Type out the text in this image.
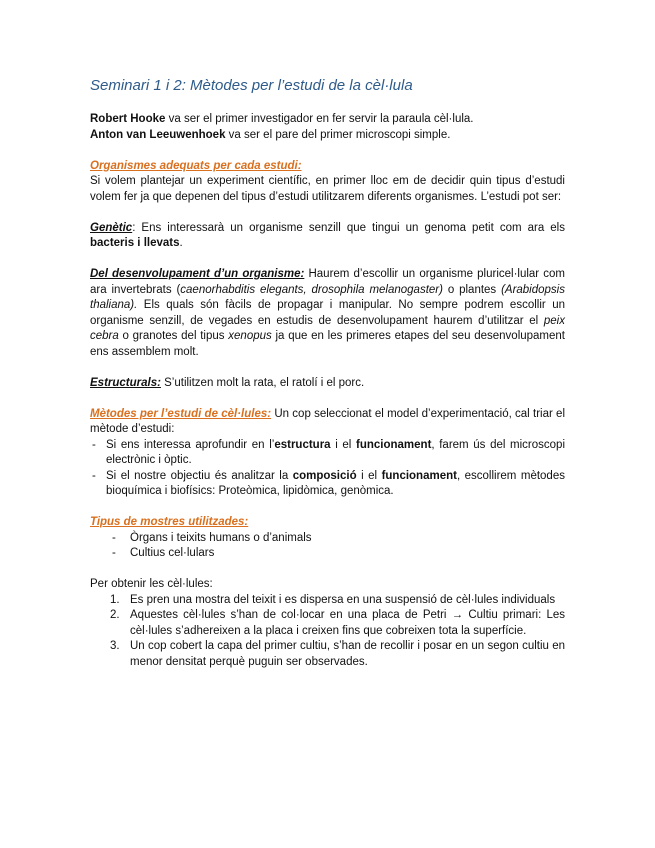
Seminari 1 i 2: Mètodes per l’estudi de la cèl·lula

Robert Hooke va ser el primer investigador en fer servir la paraula cèl·lula.

Anton van Leeuwenhoek va ser el pare del primer microscopi simple.

Organismes adequats per cada estudi:

Si volem plantejar un experiment científic, en primer lloc em de decidir quin tipus d’estudi volem fer ja que depenen del tipus d’estudi utilitzarem diferents organismes. L’estudi pot ser:

Genètic: Ens interessarà un organisme senzill que tingui un genoma petit com ara els bacteris i llevats.

Del desenvolupament d’un organisme: Haurem d’escollir un organisme pluricel·lular com ara invertebrats (caenorhabditis elegants, drosophila melanogaster) o plantes (Arabidopsis thaliana). Els quals són fàcils de propagar i manipular. No sempre podrem escollir un organisme senzill, de vegades en estudis de desenvolupament haurem d’utilitzar el peix cebra o granotes del tipus xenopus ja que en les primeres etapes del seu desenvolupament ens assemblem molt.

Estructurals: S’utilitzen molt la rata, el ratolí i el porc.

Mètodes per l’estudi de cèl·lules: Un cop seleccionat el model d’experimentació, cal triar el mètode d’estudi:

- Si ens interessa aprofundir en l’estructura i el funcionament, farem ús del microscopi electrònic i òptic.
- Si el nostre objectiu és analitzar la composició i el funcionament, escollirem mètodes bioquímica i biofísics: Proteòmica, lipidòmica, genòmica.

Tipus de mostres utilitzades:

- Òrgans i teixits humans o d’animals
- Cultius cel·lulars

Per obtenir les cèl·lules:

1. Es pren una mostra del teixit i es dispersa en una suspensió de cèl·lules individuals
2. Aquestes cèl·lules s’han de col·locar en una placa de Petri → Cultiu primari: Les cèl·lules s’adhereixen a la placa i creixen fins que cobreixen tota la superfície.
3. Un cop cobert la capa del primer cultiu, s’han de recollir i posar en un segon cultiu en menor densitat perquè puguin ser observades.
